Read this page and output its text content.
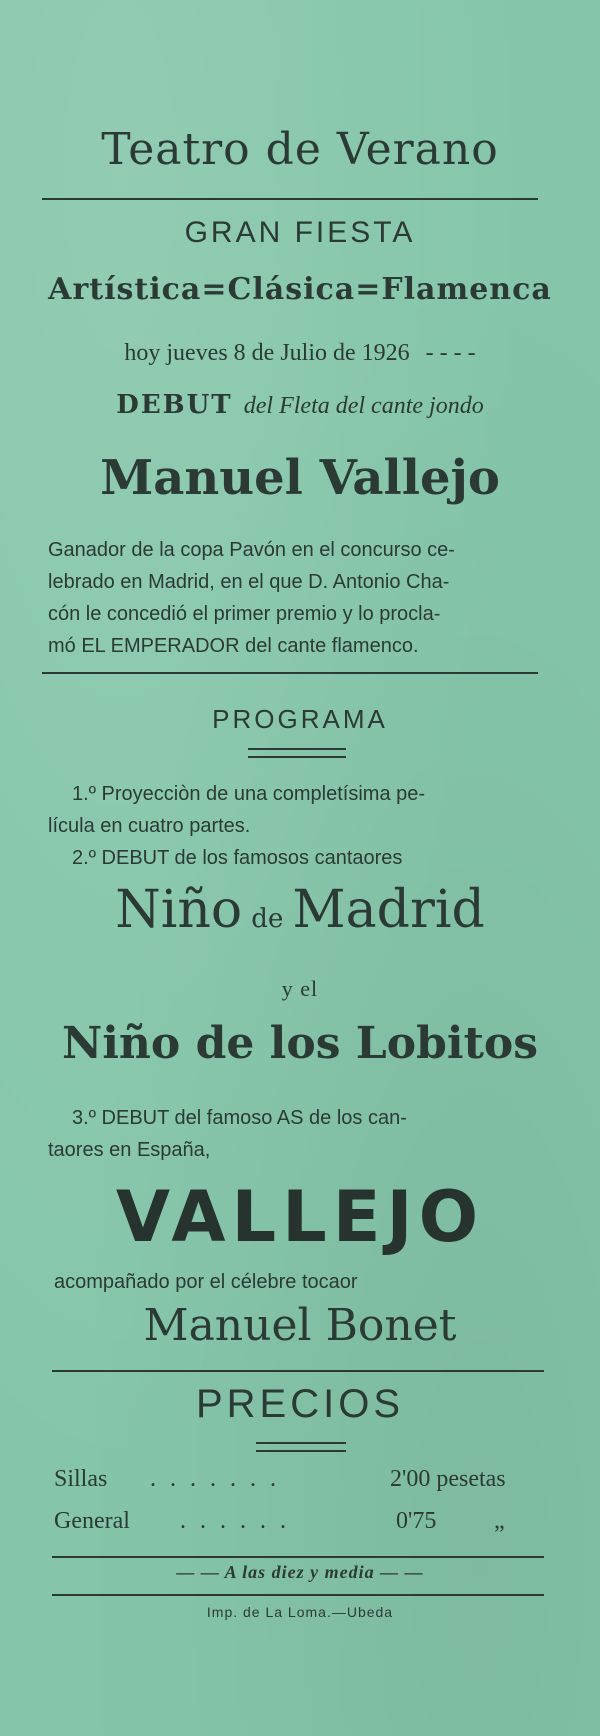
Teatro de Verano
GRAN FIESTA
Artística=Clásica=Flamenca
hoy jueves 8 de Julio de 1926 - - - -
DEBUT del Fleta del cante jondo
Manuel Vallejo
Ganador de la copa Pavón en el concurso ce-
lebrado en Madrid, en el que D. Antonio Cha-
cón le concedió el primer premio y lo procla-
mó EL EMPERADOR del cante flamenco.
PROGRAMA
1.º Proyecciòn de una completísima pe-
lícula en cuatro partes.
2.º DEBUT de los famosos cantaores
Niño de Madrid
y el
Niño de los Lobitos
3.º DEBUT del famoso AS de los can-
taores en España,
VALLEJO
acompañado por el célebre tocaor
Manuel Bonet
PRECIOS
Sillas . . . . . . .	2'00 pesetas
General . . . . . .	0'75 „
— — A las diez y media — —
Imp. de La Loma.—Ubeda
